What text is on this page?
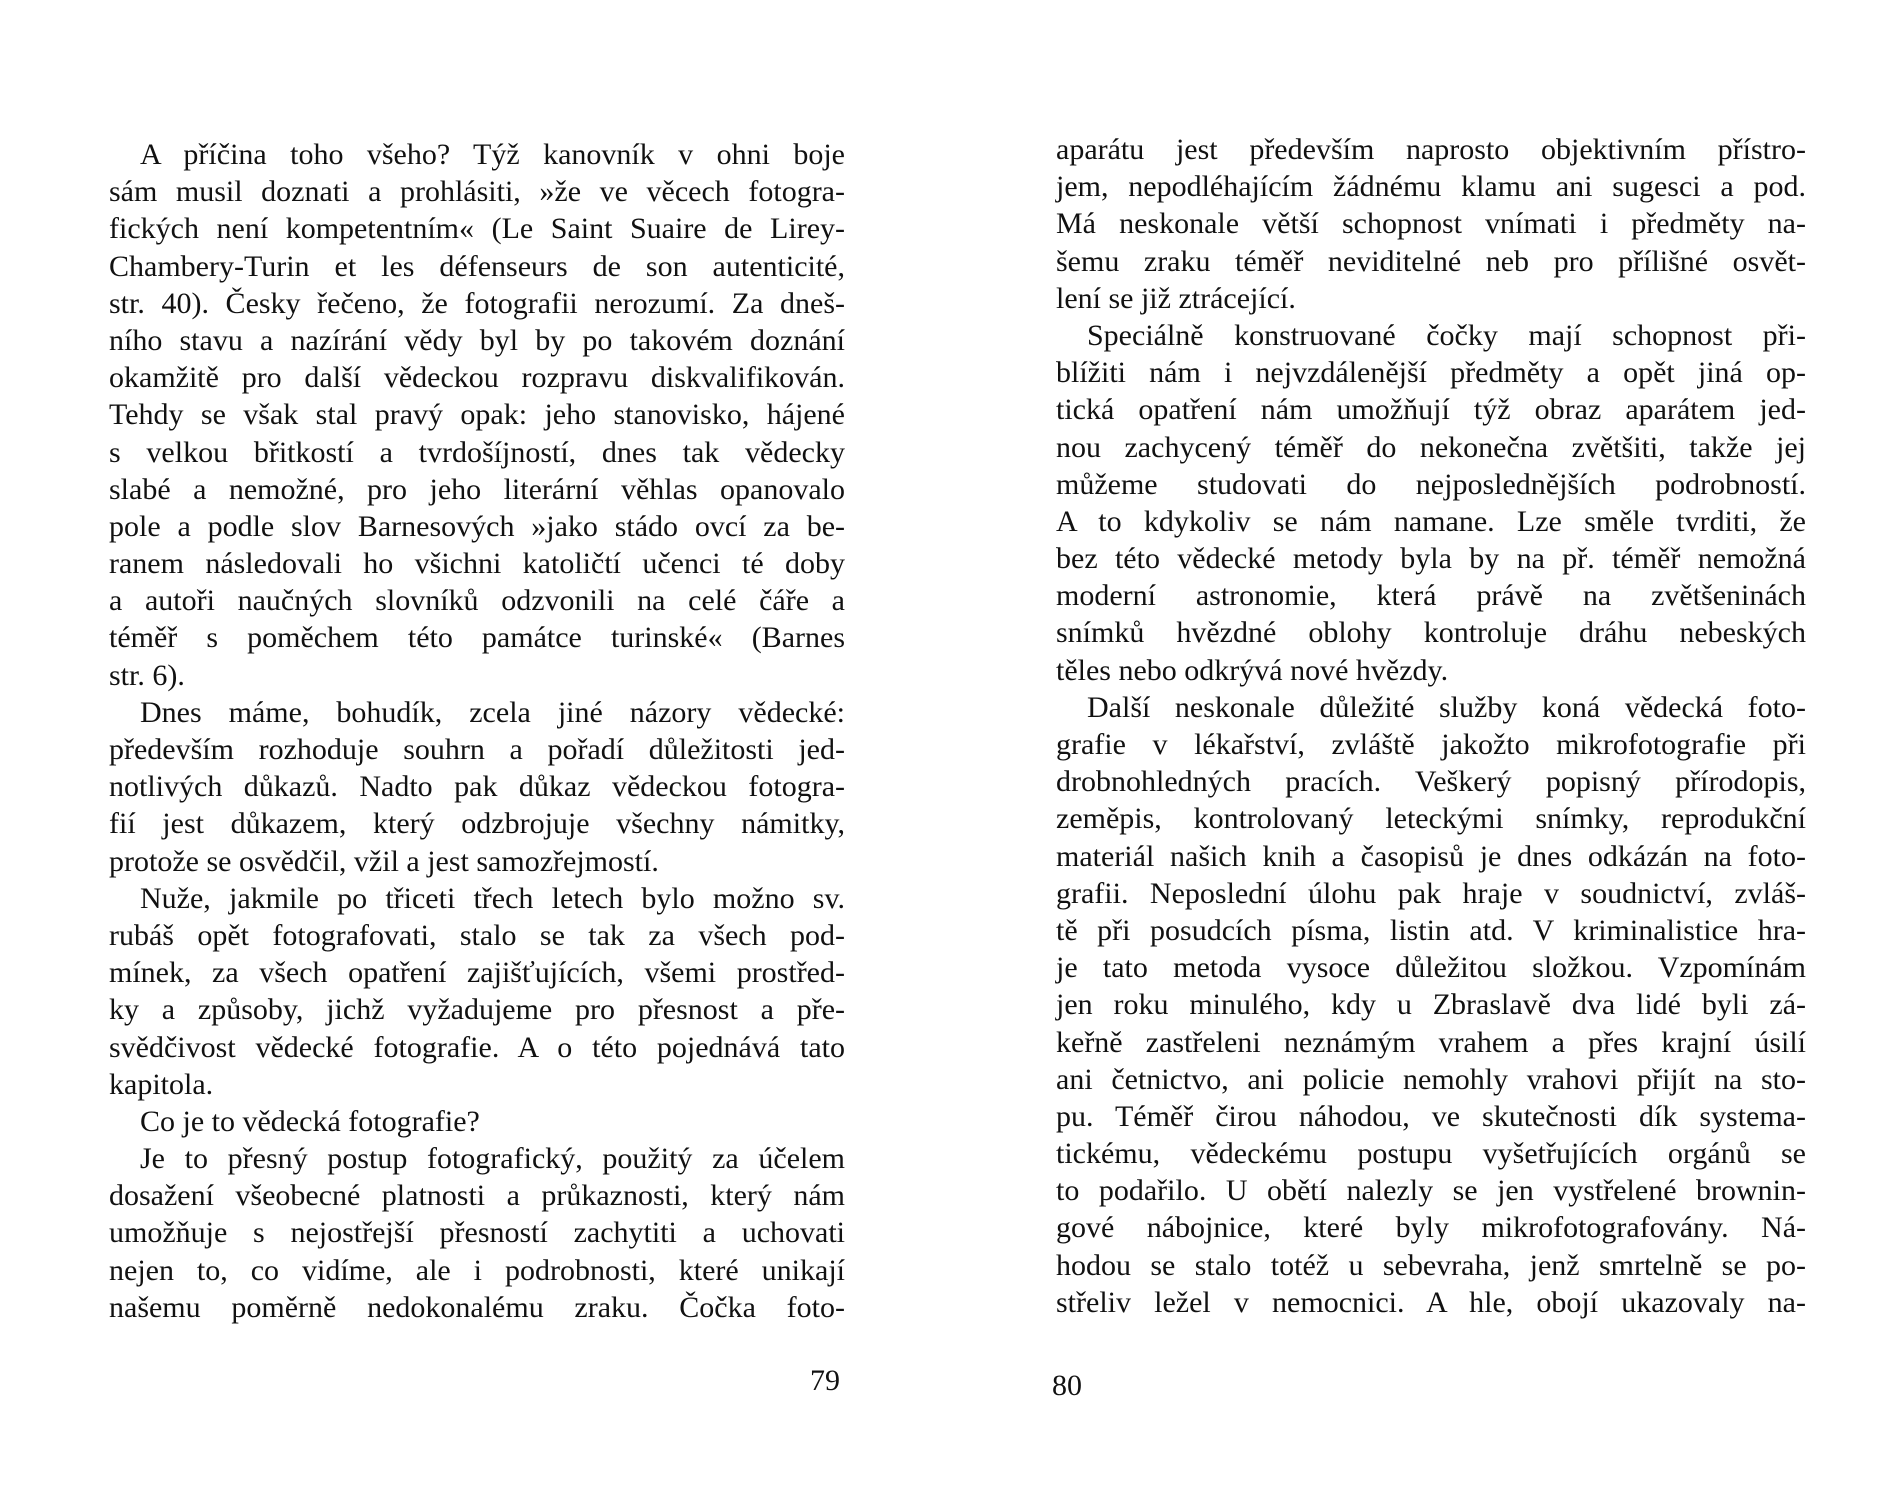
A příčina toho všeho? Týž kanovník v ohni boje
sám musil doznati a prohlásiti, »že ve věcech fotogra-
fických není kompetentním« (Le Saint Suaire de Lirey-
Chambery-Turin et les défenseurs de son autenticité,
str. 40). Česky řečeno, že fotografii nerozumí. Za dneš-
ního stavu a nazírání vědy byl by po takovém doznání
okamžitě pro další vědeckou rozpravu diskvalifikován.
Tehdy se však stal pravý opak: jeho stanovisko, hájené
s velkou břitkostí a tvrdošíjností, dnes tak vědecky
slabé a nemožné, pro jeho literární věhlas opanovalo
pole a podle slov Barnesových »jako stádo ovcí za be-
ranem následovali ho všichni katoličtí učenci té doby
a autoři naučných slovníků odzvonili na celé čáře a
téměř s poměchem této památce turinské« (Barnes
str. 6).
Dnes máme, bohudík, zcela jiné názory vědecké:
především rozhoduje souhrn a pořadí důležitosti jed-
notlivých důkazů. Nadto pak důkaz vědeckou fotogra-
fií jest důkazem, který odzbrojuje všechny námitky,
protože se osvědčil, vžil a jest samozřejmostí.
Nuže, jakmile po třiceti třech letech bylo možno sv.
rubáš opět fotografovati, stalo se tak za všech pod-
mínek, za všech opatření zajišťujících, všemi prostřed-
ky a způsoby, jichž vyžadujeme pro přesnost a pře-
svědčivost vědecké fotografie. A o této pojednává tato
kapitola.
Co je to vědecká fotografie?
Je to přesný postup fotografický, použitý za účelem
dosažení všeobecné platnosti a průkaznosti, který nám
umožňuje s nejostřejší přesností zachytiti a uchovati
nejen to, co vidíme, ale i podrobnosti, které unikají
našemu poměrně nedokonalému zraku. Čočka foto-
aparátu jest především naprosto objektivním přístro-
jem, nepodléhajícím žádnému klamu ani sugesci a pod.
Má neskonale větší schopnost vnímati i předměty na-
šemu zraku téměř neviditelné neb pro přílišné osvět-
lení se již ztrácející.
Speciálně konstruované čočky mají schopnost při-
blížiti nám i nejvzdálenější předměty a opět jiná op-
tická opatření nám umožňují týž obraz aparátem jed-
nou zachycený téměř do nekonečna zvětšiti, takže jej
můžeme studovati do nejposlednějších podrobností.
A to kdykoliv se nám namane. Lze směle tvrditi, že
bez této vědecké metody byla by na př. téměř nemožná
moderní astronomie, která právě na zvětšeninách
snímků hvězdné oblohy kontroluje dráhu nebeských
těles nebo odkrývá nové hvězdy.
Další neskonale důležité služby koná vědecká foto-
grafie v lékařství, zvláště jakožto mikrofotografie při
drobnohledných pracích. Veškerý popisný přírodopis,
zeměpis, kontrolovaný leteckými snímky, reprodukční
materiál našich knih a časopisů je dnes odkázán na foto-
grafii. Neposlední úlohu pak hraje v soudnictví, zvláš-
tě při posudcích písma, listin atd. V kriminalistice hra-
je tato metoda vysoce důležitou složkou. Vzpomínám
jen roku minulého, kdy u Zbraslavě dva lidé byli zá-
keřně zastřeleni neznámým vrahem a přes krajní úsilí
ani četnictvo, ani policie nemohly vrahovi přijít na sto-
pu. Téměř čirou náhodou, ve skutečnosti dík systema-
tickému, vědeckému postupu vyšetřujících orgánů se
to podařilo. U obětí nalezly se jen vystřelené brownin-
gové nábojnice, které byly mikrofotografovány. Ná-
hodou se stalo totéž u sebevraha, jenž smrtelně se po-
střeliv ležel v nemocnici. A hle, obojí ukazovaly na-
79	80
